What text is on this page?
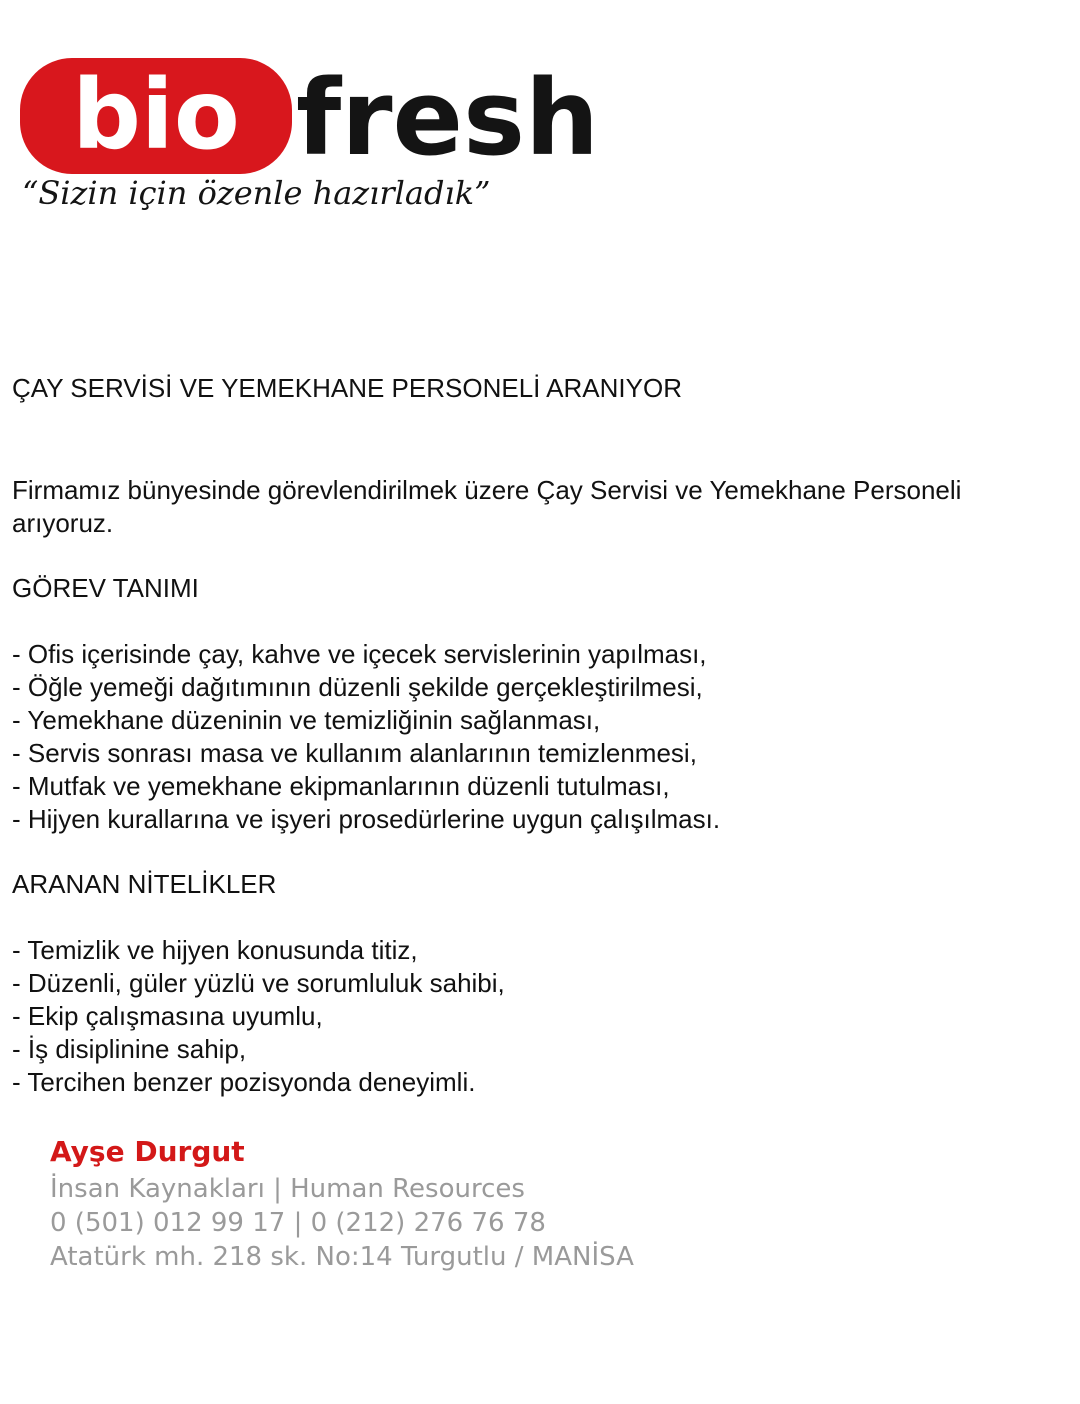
bio fresh
“Sizin için özenle hazırladık”
ÇAY SERVİSİ VE YEMEKHANE PERSONELİ ARANIYOR
Firmamız bünyesinde görevlendirilmek üzere Çay Servisi ve Yemekhane Personeli arıyoruz.
GÖREV TANIMI
- Ofis içerisinde çay, kahve ve içecek servislerinin yapılması,
- Öğle yemeği dağıtımının düzenli şekilde gerçekleştirilmesi,
- Yemekhane düzeninin ve temizliğinin sağlanması,
- Servis sonrası masa ve kullanım alanlarının temizlenmesi,
- Mutfak ve yemekhane ekipmanlarının düzenli tutulması,
- Hijyen kurallarına ve işyeri prosedürlerine uygun çalışılması.
ARANAN NİTELİKLER
- Temizlik ve hijyen konusunda titiz,
- Düzenli, güler yüzlü ve sorumluluk sahibi,
- Ekip çalışmasına uyumlu,
- İş disiplinine sahip,
- Tercihen benzer pozisyonda deneyimli.
Ayşe Durgut
İnsan Kaynakları | Human Resources
0 (501) 012 99 17 | 0 (212) 276 76 78
Atatürk mh. 218 sk. No:14 Turgutlu / MANİSA
